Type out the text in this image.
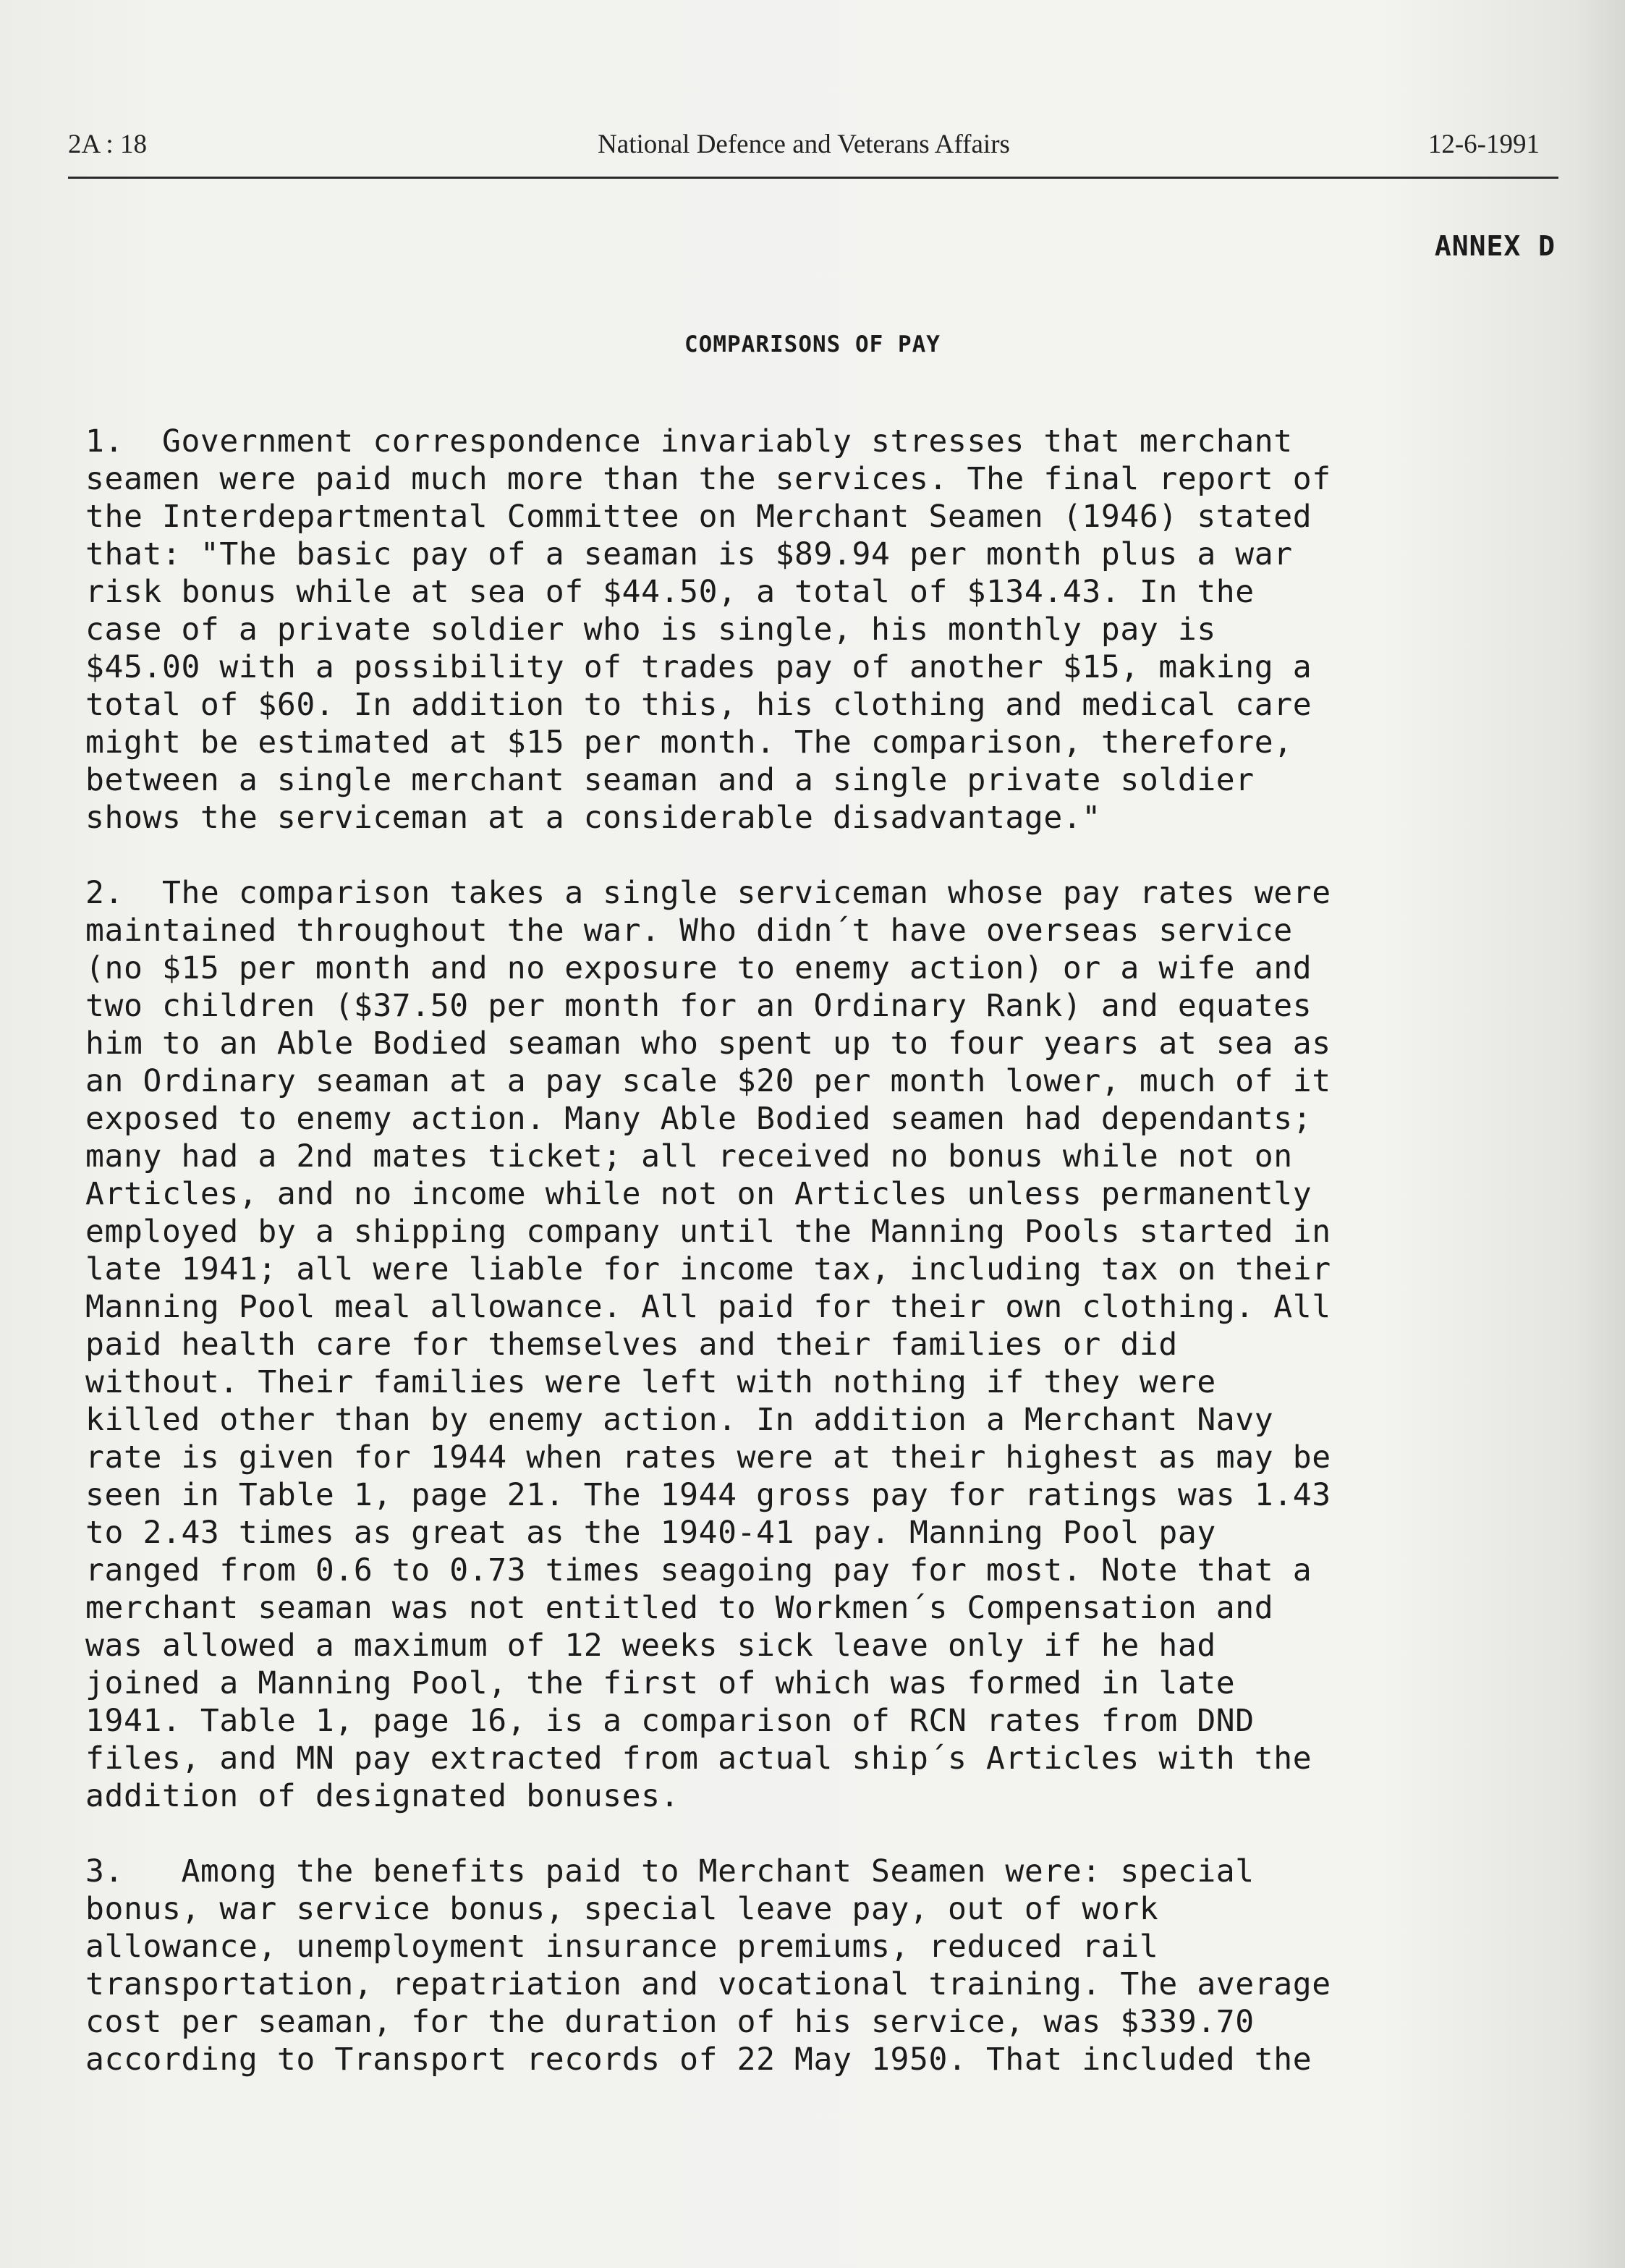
2A : 18	National Defence and Veterans Affairs	12-6-1991
ANNEX D
COMPARISONS OF PAY
1.  Government correspondence invariably stresses that merchant
seamen were paid much more than the services. The final report of
the Interdepartmental Committee on Merchant Seamen (1946) stated
that: "The basic pay of a seaman is $89.94 per month plus a war
risk bonus while at sea of $44.50, a total of $134.43. In the
case of a private soldier who is single, his monthly pay is
$45.00 with a possibility of trades pay of another $15, making a
total of $60. In addition to this, his clothing and medical care
might be estimated at $15 per month. The comparison, therefore,
between a single merchant seaman and a single private soldier
shows the serviceman at a considerable disadvantage."
2.  The comparison takes a single serviceman whose pay rates were
maintained throughout the war. Who didn´t have overseas service
(no $15 per month and no exposure to enemy action) or a wife and
two children ($37.50 per month for an Ordinary Rank) and equates
him to an Able Bodied seaman who spent up to four years at sea as
an Ordinary seaman at a pay scale $20 per month lower, much of it
exposed to enemy action. Many Able Bodied seamen had dependants;
many had a 2nd mates ticket; all received no bonus while not on
Articles, and no income while not on Articles unless permanently
employed by a shipping company until the Manning Pools started in
late 1941; all were liable for income tax, including tax on their
Manning Pool meal allowance. All paid for their own clothing. All
paid health care for themselves and their families or did
without. Their families were left with nothing if they were
killed other than by enemy action. In addition a Merchant Navy
rate is given for 1944 when rates were at their highest as may be
seen in Table 1, page 21. The 1944 gross pay for ratings was 1.43
to 2.43 times as great as the 1940-41 pay. Manning Pool pay
ranged from 0.6 to 0.73 times seagoing pay for most. Note that a
merchant seaman was not entitled to Workmen´s Compensation and
was allowed a maximum of 12 weeks sick leave only if he had
joined a Manning Pool, the first of which was formed in late
1941. Table 1, page 16, is a comparison of RCN rates from DND
files, and MN pay extracted from actual ship´s Articles with the
addition of designated bonuses.
3.   Among the benefits paid to Merchant Seamen were: special
bonus, war service bonus, special leave pay, out of work
allowance, unemployment insurance premiums, reduced rail
transportation, repatriation and vocational training. The average
cost per seaman, for the duration of his service, was $339.70
according to Transport records of 22 May 1950. That included the
